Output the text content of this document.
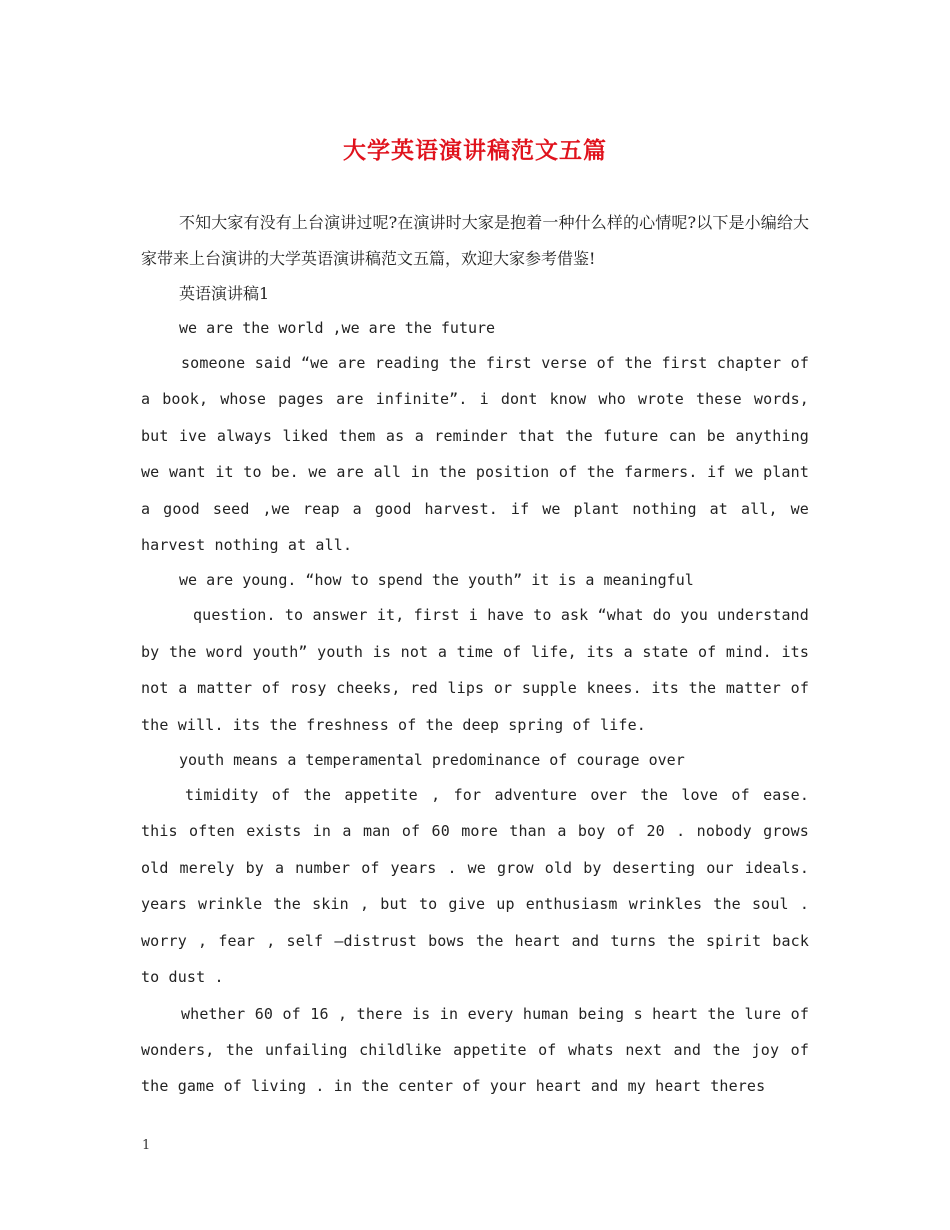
大学英语演讲稿范文五篇

不知大家有没有上台演讲过呢?在演讲时大家是抱着一种什么样的心情呢?以下是小编给大家带来上台演讲的大学英语演讲稿范文五篇，欢迎大家参考借鉴!

英语演讲稿1

we are the world ,we are the future

someone said “we are reading the first verse of the first chapter of a book, whose pages are infinite”. i dont know who wrote these words, but ive always liked them as a reminder that the future can be anything we want it to be. we are all in the position of the farmers. if we plant a good seed ,we reap a good harvest. if we plant nothing at all, we harvest nothing at all.

we are young. “how to spend the youth” it is a meaningful

question. to answer it, first i have to ask “what do you understand by the word youth” youth is not a time of life, its a state of mind. its not a matter of rosy cheeks, red lips or supple knees. its the matter of the will. its the freshness of the deep spring of life.

youth means a temperamental predominance of courage over

timidity of the appetite , for adventure over the love of ease. this often exists in a man of 60 more than a boy of 20 . nobody grows old merely by a number of years . we grow old by deserting our ideals. years wrinkle the skin , but to give up enthusiasm wrinkles the soul . worry , fear , self –distrust bows the heart and turns the spirit back to dust .

whether 60 of 16 , there is in every human being s heart the lure of wonders, the unfailing childlike appetite of whats next and the joy of the game of living . in the center of your heart and my heart theres

1
